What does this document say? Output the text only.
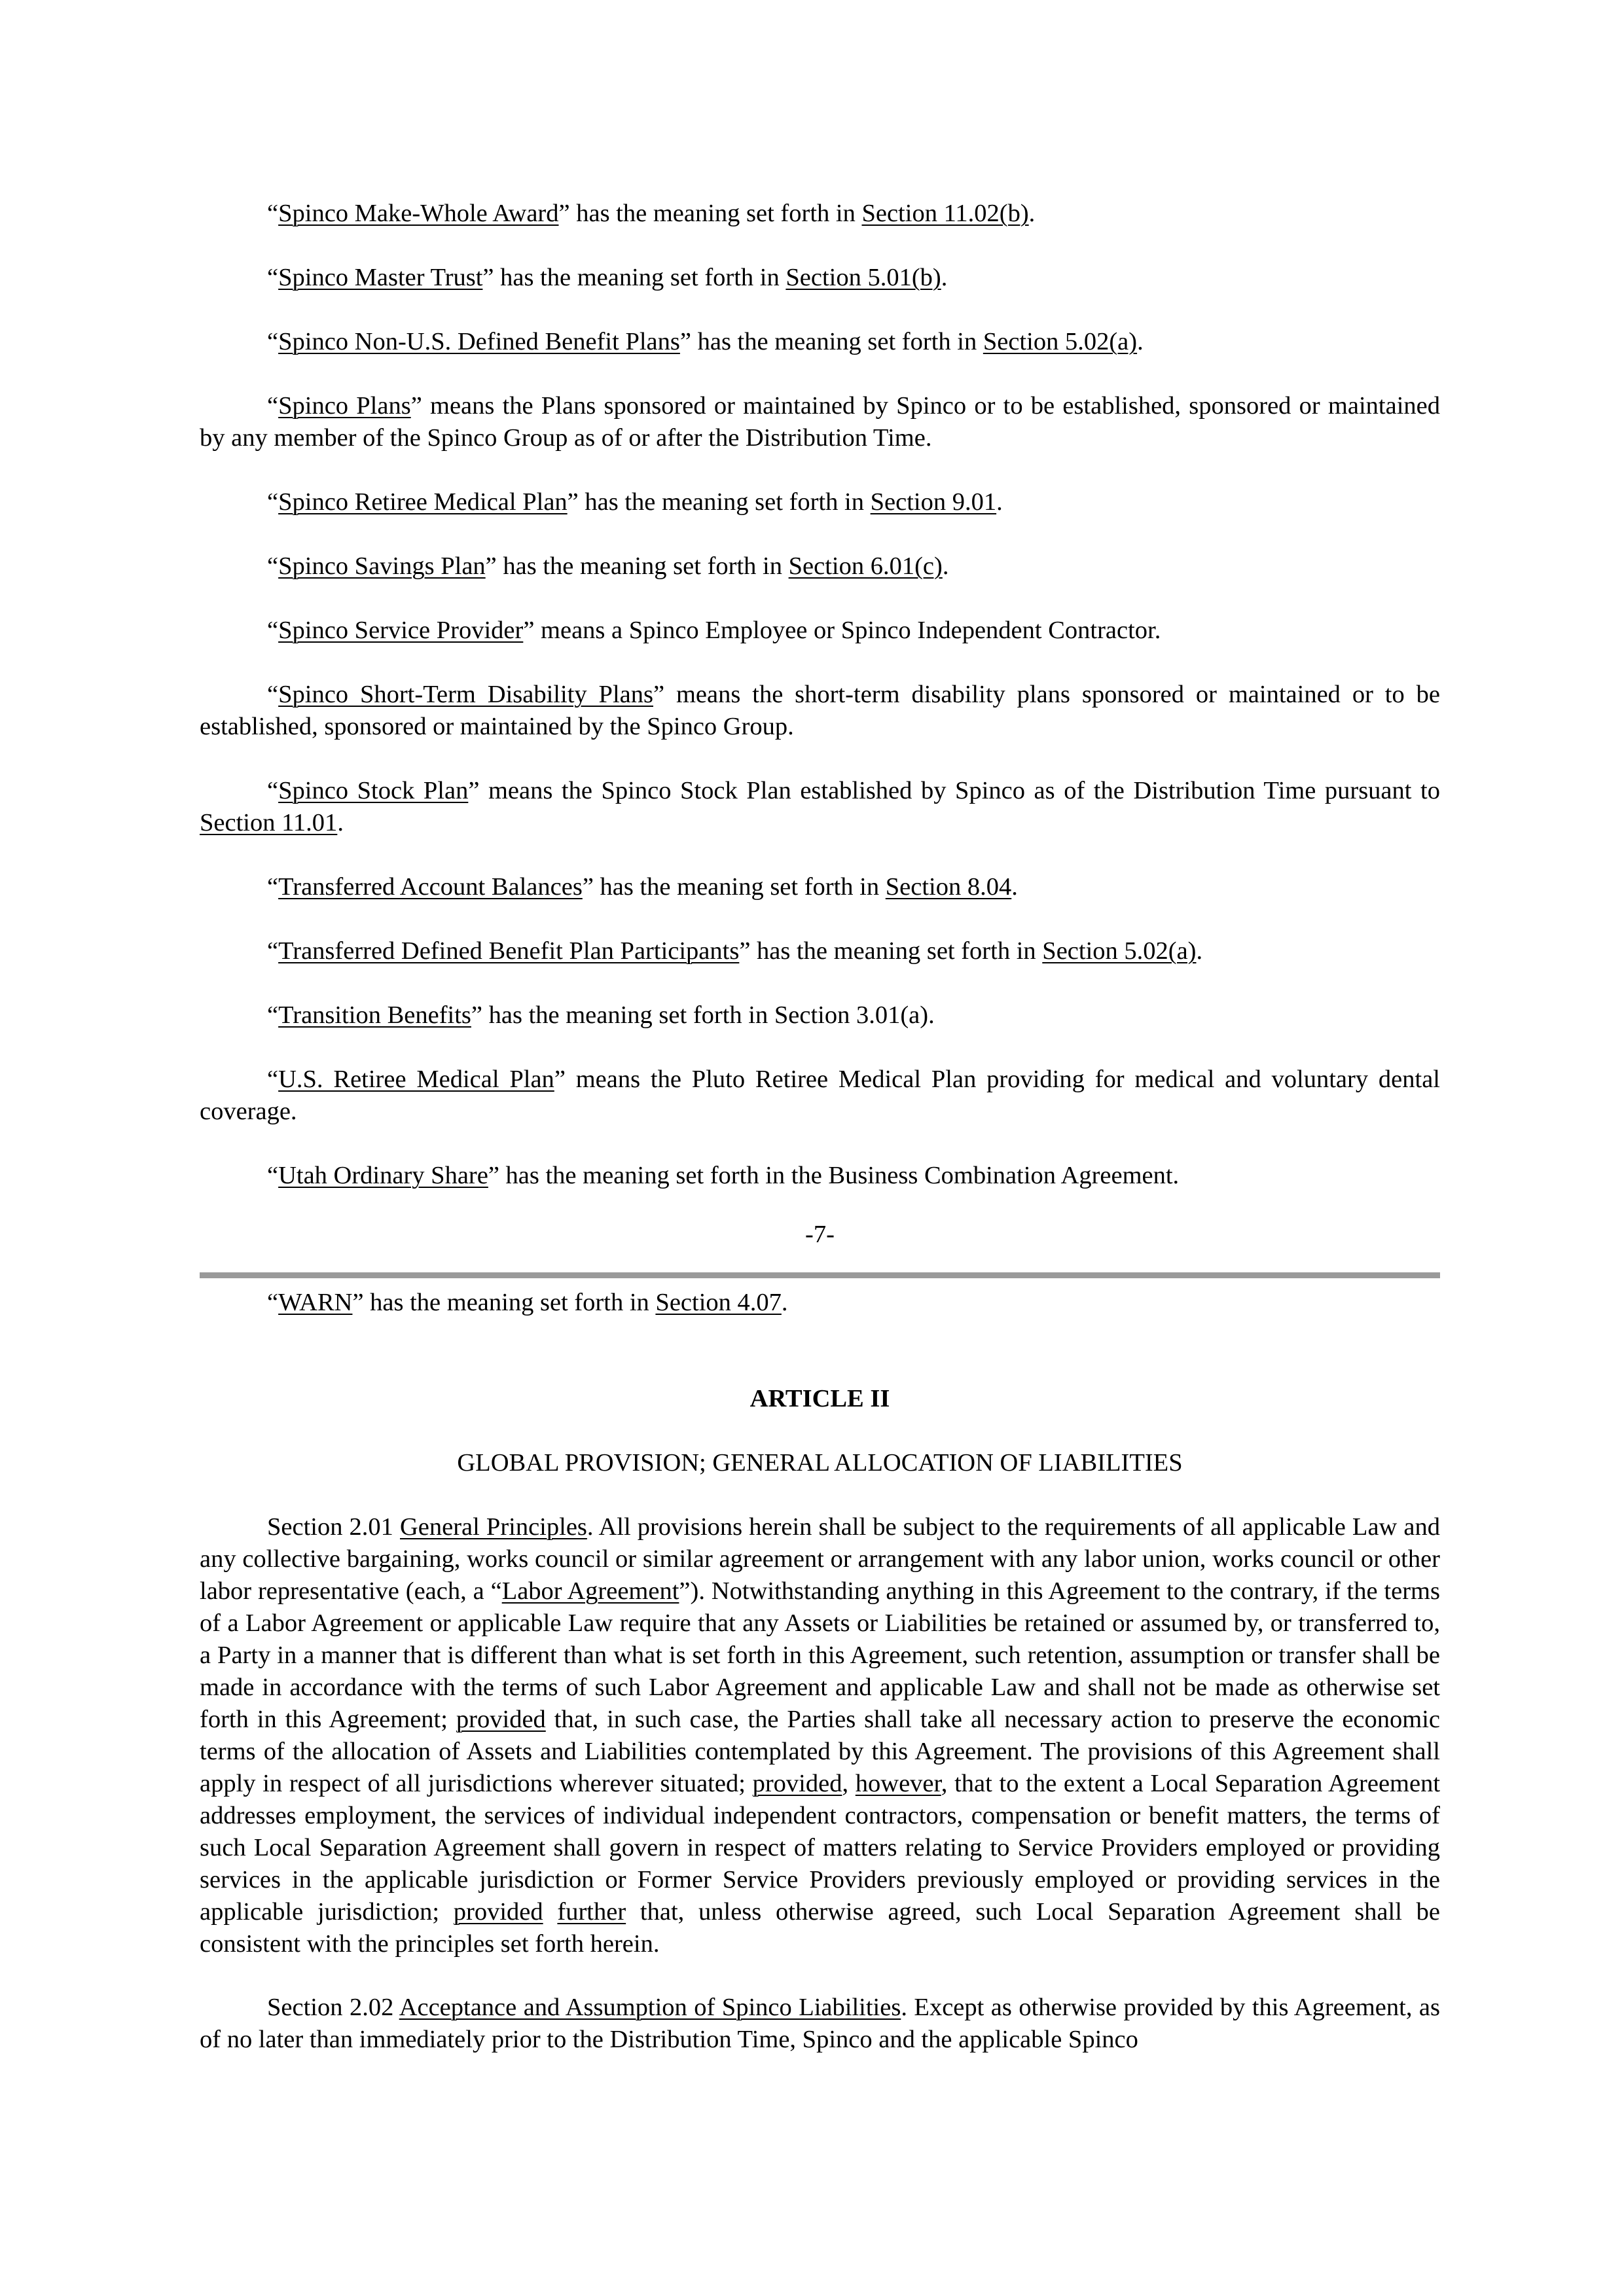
“Spinco Make-Whole Award” has the meaning set forth in Section 11.02(b).
“Spinco Master Trust” has the meaning set forth in Section 5.01(b).
“Spinco Non-U.S. Defined Benefit Plans” has the meaning set forth in Section 5.02(a).
“Spinco Plans” means the Plans sponsored or maintained by Spinco or to be established, sponsored or maintained by any member of the Spinco Group as of or after the Distribution Time.
“Spinco Retiree Medical Plan” has the meaning set forth in Section 9.01.
“Spinco Savings Plan” has the meaning set forth in Section 6.01(c).
“Spinco Service Provider” means a Spinco Employee or Spinco Independent Contractor.
“Spinco Short-Term Disability Plans” means the short-term disability plans sponsored or maintained or to be established, sponsored or maintained by the Spinco Group.
“Spinco Stock Plan” means the Spinco Stock Plan established by Spinco as of the Distribution Time pursuant to Section 11.01.
“Transferred Account Balances” has the meaning set forth in Section 8.04.
“Transferred Defined Benefit Plan Participants” has the meaning set forth in Section 5.02(a).
“Transition Benefits” has the meaning set forth in Section 3.01(a).
“U.S. Retiree Medical Plan” means the Pluto Retiree Medical Plan providing for medical and voluntary dental coverage.
“Utah Ordinary Share” has the meaning set forth in the Business Combination Agreement.
-7-
“WARN” has the meaning set forth in Section 4.07.
ARTICLE II
GLOBAL PROVISION; GENERAL ALLOCATION OF LIABILITIES
Section 2.01 General Principles. All provisions herein shall be subject to the requirements of all applicable Law and any collective bargaining, works council or similar agreement or arrangement with any labor union, works council or other labor representative (each, a “Labor Agreement”). Notwithstanding anything in this Agreement to the contrary, if the terms of a Labor Agreement or applicable Law require that any Assets or Liabilities be retained or assumed by, or transferred to, a Party in a manner that is different than what is set forth in this Agreement, such retention, assumption or transfer shall be made in accordance with the terms of such Labor Agreement and applicable Law and shall not be made as otherwise set forth in this Agreement; provided that, in such case, the Parties shall take all necessary action to preserve the economic terms of the allocation of Assets and Liabilities contemplated by this Agreement. The provisions of this Agreement shall apply in respect of all jurisdictions wherever situated; provided, however, that to the extent a Local Separation Agreement addresses employment, the services of individual independent contractors, compensation or benefit matters, the terms of such Local Separation Agreement shall govern in respect of matters relating to Service Providers employed or providing services in the applicable jurisdiction or Former Service Providers previously employed or providing services in the applicable jurisdiction; provided further that, unless otherwise agreed, such Local Separation Agreement shall be consistent with the principles set forth herein.
Section 2.02 Acceptance and Assumption of Spinco Liabilities. Except as otherwise provided by this Agreement, as of no later than immediately prior to the Distribution Time, Spinco and the applicable Spinco
